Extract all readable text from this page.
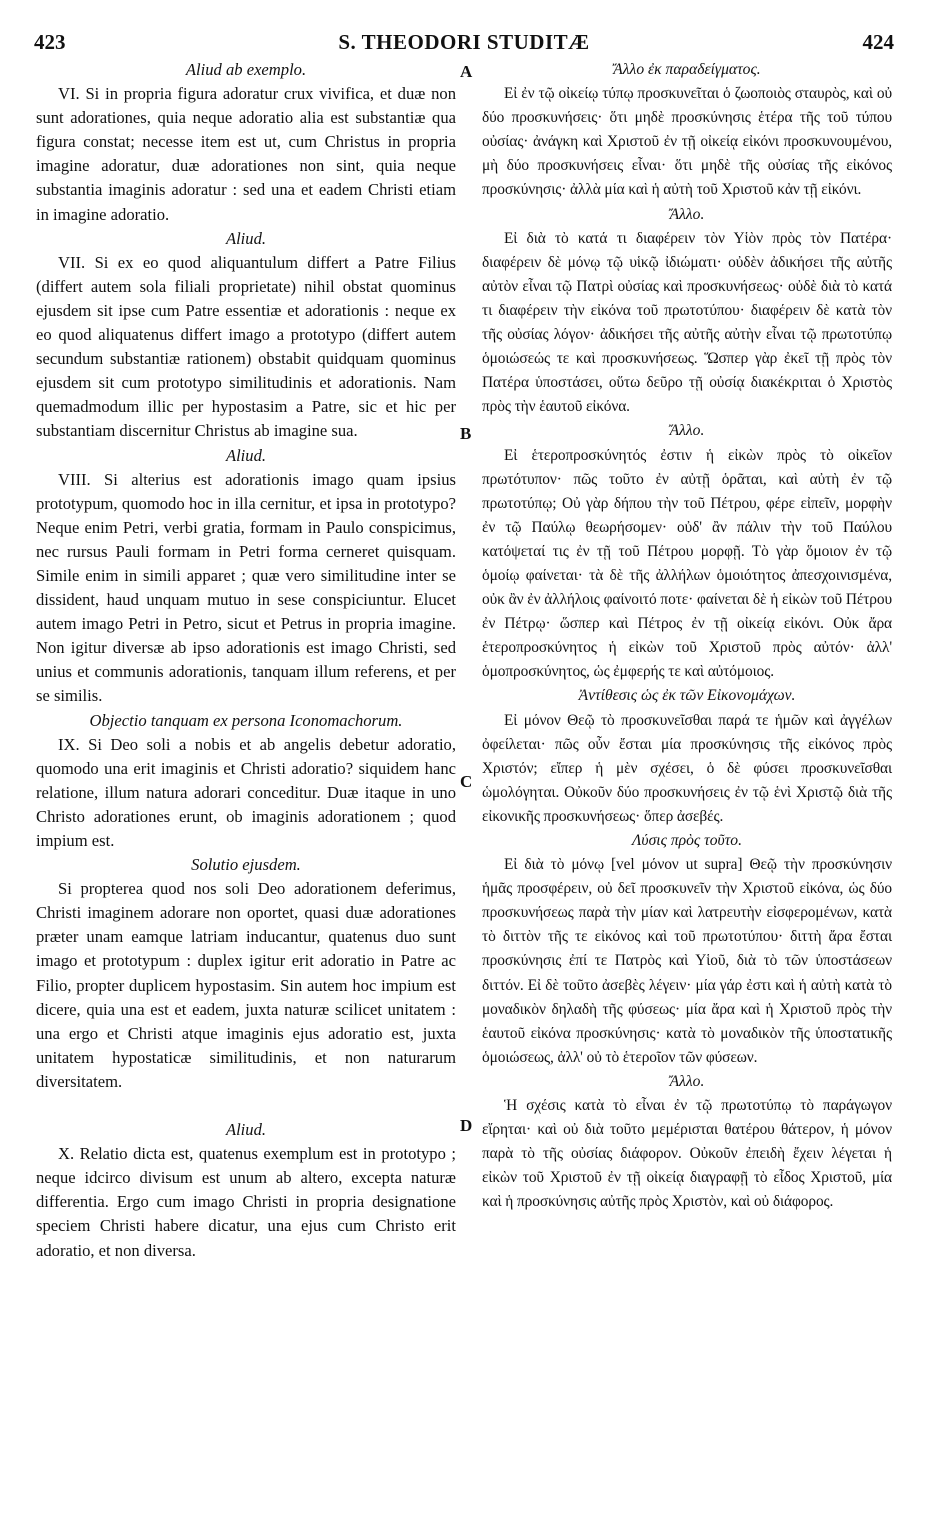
423	S. THEODORI STUDITÆ	424
A
B
C
D
Aliud ab exemplo.

VI. Si in propria figura adoratur crux vivifica, et duæ non sunt adorationes, quia neque adoratio alia est substantiæ qua figura constat; necesse item est ut, cum Christus in propria imagine adoratur, duæ adorationes non sint, quia neque substantia imaginis adoratur : sed una et eadem Christi etiam in imagine adoratio.

Aliud.

VII. Si ex eo quod aliquantulum differt a Patre Filius (differt autem sola filiali proprietate) nihil obstat quominus ejusdem sit ipse cum Patre essentiæ et adorationis : neque ex eo quod aliquatenus differt imago a prototypo (differt autem secundum substantiæ rationem) obstabit quidquam quominus ejusdem sit cum prototypo similitudinis et adorationis. Nam quemadmodum illic per hypostasim a Patre, sic et hic per substantiam discernitur Christus ab imagine sua.

Aliud.

VIII. Si alterius est adorationis imago quam ipsius prototypum, quomodo hoc in illa cernitur, et ipsa in prototypo? Neque enim Petri, verbi gratia, formam in Paulo conspicimus, nec rursus Pauli formam in Petri forma cerneret quisquam. Simile enim in simili apparet ; quæ vero similitudine inter se dissident, haud unquam mutuo in sese conspiciuntur. Elucet autem imago Petri in Petro, sicut et Petrus in propria imagine. Non igitur diversæ ab ipso adorationis est imago Christi, sed unius et communis adorationis, tanquam illum referens, et per se similis.

Objectio tanquam ex persona Iconomachorum.

IX. Si Deo soli a nobis et ab angelis debetur adoratio, quomodo una erit imaginis et Christi adoratio? siquidem hanc relatione, illum natura adorari conceditur. Duæ itaque in uno Christo adorationes erunt, ob imaginis adorationem ; quod impium est.

Solutio ejusdem.

Si propterea quod nos soli Deo adorationem deferimus, Christi imaginem adorare non oportet, quasi duæ adorationes præter unam eamque latriam inducantur, quatenus duo sunt imago et prototypum : duplex igitur erit adoratio in Patre ac Filio, propter duplicem hypostasim. Sin autem hoc impium est dicere, quia una est et eadem, juxta naturæ scilicet unitatem : una ergo et Christi atque imaginis ejus adoratio est, juxta unitatem hypostaticæ similitudinis, et non naturarum diversitatem.

Aliud.

X. Relatio dicta est, quatenus exemplum est in prototypo ; neque idcirco divisum est unum ab altero, excepta naturæ differentia. Ergo cum imago Christi in propria designatione speciem Christi habere dicatur, una ejus cum Christo erit adoratio, et non diversa.

Ἄλλο ἐκ παραδείγματος.

Εἰ ἐν τῷ οἰκείῳ τύπῳ προσκυνεῖται ὁ ζωοποιὸς σταυρὸς, καὶ οὐ δύο προσκυνήσεις· ὅτι μηδὲ προσκύνησις ἑτέρα τῆς τοῦ τύπου οὐσίας· ἀνάγκη καὶ Χριστοῦ ἐν τῇ οἰκείᾳ εἰκόνι προσκυνουμένου, μὴ δύο προσκυνήσεις εἶναι· ὅτι μηδὲ τῆς οὐσίας τῆς εἰκόνος προσκύνησις· ἀλλὰ μία καὶ ἡ αὐτὴ τοῦ Χριστοῦ κἀν τῇ εἰκόνι.

Ἄλλο.

Εἰ διὰ τὸ κατά τι διαφέρειν τὸν Υἱὸν πρὸς τὸν Πατέρα· διαφέρειν δὲ μόνῳ τῷ υἱκῷ ἰδιώματι· οὐδὲν ἀδικήσει τῆς αὐτῆς αὐτὸν εἶναι τῷ Πατρὶ οὐσίας καὶ προσκυνήσεως· οὐδὲ διὰ τὸ κατά τι διαφέρειν τὴν εἰκόνα τοῦ πρωτοτύπου· διαφέρειν δὲ κατὰ τὸν τῆς οὐσίας λόγον· ἀδικήσει τῆς αὐτῆς αὐτὴν εἶναι τῷ πρωτοτύπῳ ὁμοιώσεώς τε καὶ προσκυνήσεως. Ὥσπερ γὰρ ἐκεῖ τῇ πρὸς τὸν Πατέρα ὑποστάσει, οὕτω δεῦρο τῇ οὐσίᾳ διακέκριται ὁ Χριστὸς πρὸς τὴν ἑαυτοῦ εἰκόνα.

Ἄλλο.

Εἰ ἑτεροπροσκύνητός ἐστιν ἡ εἰκὼν πρὸς τὸ οἰκεῖον πρωτότυπον· πῶς τοῦτο ἐν αὐτῇ ὁρᾶται, καὶ αὐτὴ ἐν τῷ πρωτοτύπῳ; Οὐ γὰρ δήπου τὴν τοῦ Πέτρου, φέρε εἰπεῖν, μορφὴν ἐν τῷ Παύλῳ θεωρήσομεν· οὐδ' ἂν πάλιν τὴν τοῦ Παύλου κατόψεταί τις ἐν τῇ τοῦ Πέτρου μορφῇ. Τὸ γὰρ ὅμοιον ἐν τῷ ὁμοίῳ φαίνεται· τὰ δὲ τῆς ἀλλήλων ὁμοιότητος ἀπεσχοινισμένα, οὐκ ἂν ἐν ἀλλήλοις φαίνοιτό ποτε· φαίνεται δὲ ἡ εἰκὼν τοῦ Πέτρου ἐν Πέτρῳ· ὥσπερ καὶ Πέτρος ἐν τῇ οἰκείᾳ εἰκόνι. Οὐκ ἄρα ἑτεροπροσκύνητος ἡ εἰκὼν τοῦ Χριστοῦ πρὸς αὐτόν· ἀλλ' ὁμοπροσκύνητος, ὡς ἐμφερής τε καὶ αὐτόμοιος.

Ἀντίθεσις ὡς ἐκ τῶν Εἰκονομάχων.

Εἰ μόνον Θεῷ τὸ προσκυνεῖσθαι παρά τε ἡμῶν καὶ ἀγγέλων ὀφείλεται· πῶς οὖν ἔσται μία προσκύνησις τῆς εἰκόνος πρὸς Χριστόν; εἴπερ ἡ μὲν σχέσει, ὁ δὲ φύσει προσκυνεῖσθαι ὡμολόγηται. Οὐκοῦν δύο προσκυνήσεις ἐν τῷ ἑνὶ Χριστῷ διὰ τῆς εἰκονικῆς προσκυνήσεως· ὅπερ ἀσεβές.

Λύσις πρὸς τοῦτο.

Εἰ διὰ τὸ μόνῳ [vel μόνον ut supra] Θεῷ τὴν προσκύνησιν ἡμᾶς προσφέρειν, οὐ δεῖ προσκυνεῖν τὴν Χριστοῦ εἰκόνα, ὡς δύο προσκυνήσεως παρὰ τὴν μίαν καὶ λατρευτὴν εἰσφερομένων, κατὰ τὸ διττὸν τῆς τε εἰκόνος καὶ τοῦ πρωτοτύπου· διττὴ ἄρα ἔσται προσκύνησις ἐπί τε Πατρὸς καὶ Υἱοῦ, διὰ τὸ τῶν ὑποστάσεων διττόν. Εἰ δὲ τοῦτο ἀσεβὲς λέγειν· μία γάρ ἐστι καὶ ἡ αὐτὴ κατὰ τὸ μοναδικὸν δηλαδὴ τῆς φύσεως· μία ἄρα καὶ ἡ Χριστοῦ πρὸς τὴν ἑαυτοῦ εἰκόνα προσκύνησις· κατὰ τὸ μοναδικὸν τῆς ὑποστατικῆς ὁμοιώσεως, ἀλλ' οὐ τὸ ἑτεροῖον τῶν φύσεων.

Ἄλλο.

Ἡ σχέσις κατὰ τὸ εἶναι ἐν τῷ πρωτοτύπῳ τὸ παράγωγον εἴρηται· καὶ οὐ διὰ τοῦτο μεμέρισται θατέρου θάτερον, ἡ μόνον παρὰ τὸ τῆς οὐσίας διάφορον. Οὐκοῦν ἐπειδὴ ἔχειν λέγεται ἡ εἰκὼν τοῦ Χριστοῦ ἐν τῇ οἰκείᾳ διαγραφῇ τὸ εἶδος Χριστοῦ, μία καὶ ἡ προσκύνησις αὐτῆς πρὸς Χριστὸν, καὶ οὐ διάφορος.
